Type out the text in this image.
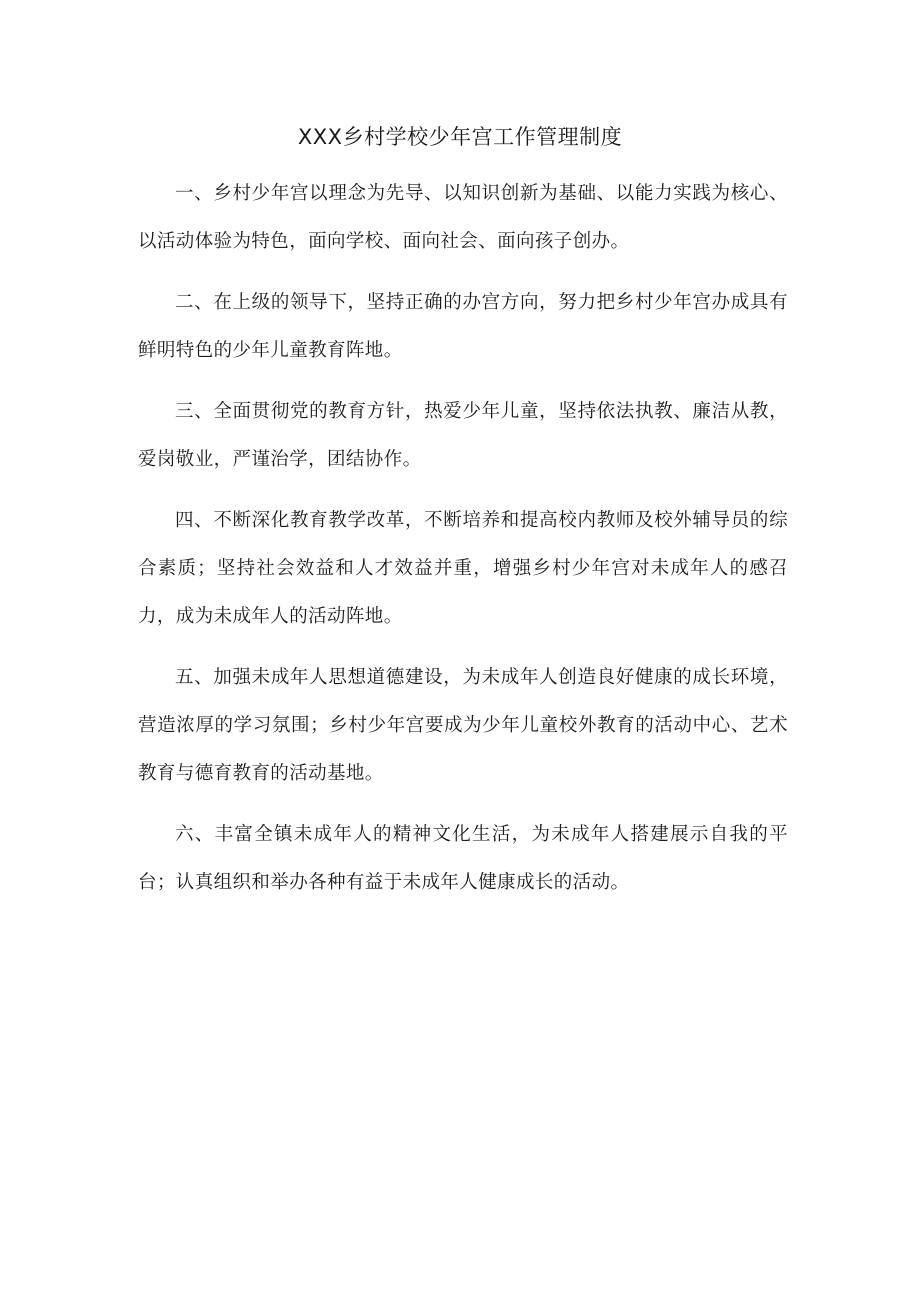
XXX乡村学校少年宫工作管理制度

一、乡村少年宫以理念为先导、以知识创新为基础、以能力实践为核心、以活动体验为特色，面向学校、面向社会、面向孩子创办。

二、在上级的领导下，坚持正确的办宫方向，努力把乡村少年宫办成具有鲜明特色的少年儿童教育阵地。

三、全面贯彻党的教育方针，热爱少年儿童，坚持依法执教、廉洁从教，爱岗敬业，严谨治学，团结协作。

四、不断深化教育教学改革，不断培养和提高校内教师及校外辅导员的综合素质；坚持社会效益和人才效益并重，增强乡村少年宫对未成年人的感召力，成为未成年人的活动阵地。

五、加强未成年人思想道德建设，为未成年人创造良好健康的成长环境，营造浓厚的学习氛围；乡村少年宫要成为少年儿童校外教育的活动中心、艺术教育与德育教育的活动基地。

六、丰富全镇未成年人的精神文化生活，为未成年人搭建展示自我的平台；认真组织和举办各种有益于未成年人健康成长的活动。
